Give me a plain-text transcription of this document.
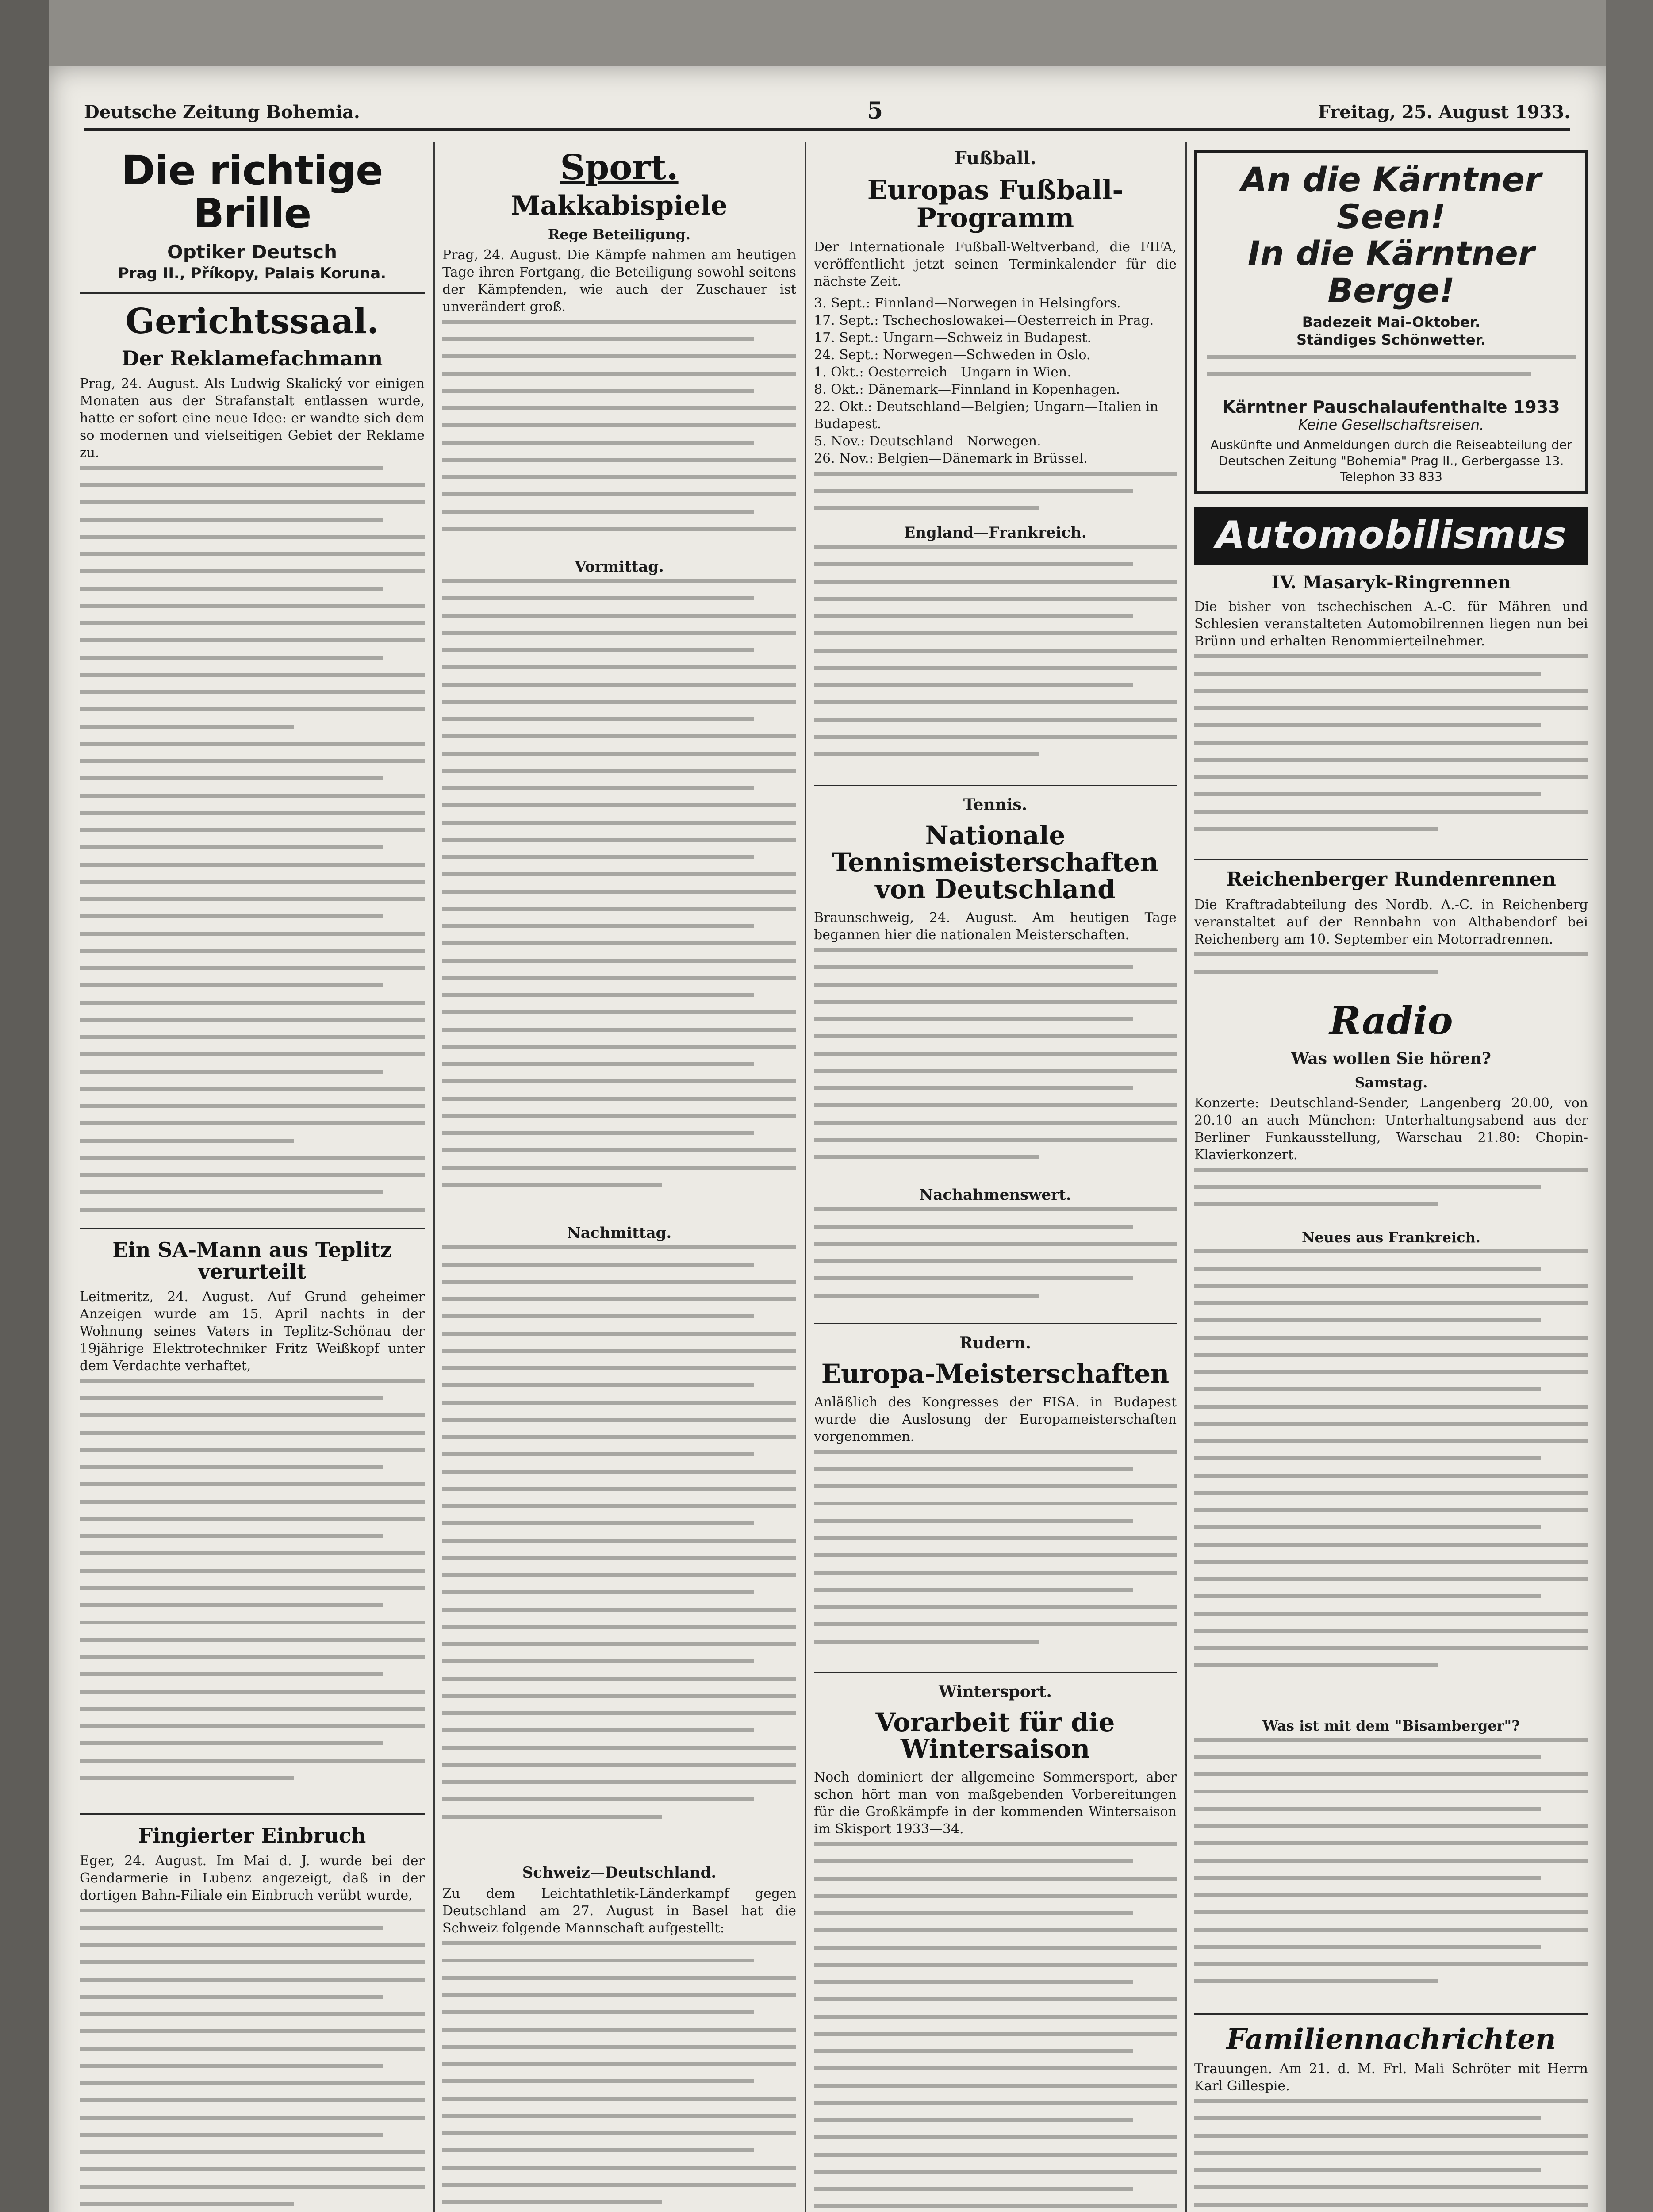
Deutsche Zeitung Bohemia.	5	Freitag, 25. August 1933.
Die richtige Brille
Optiker Deutsch
Prag II., Příkopy, Palais Koruna.
Gerichtssaal.
Der Reklamefachmann

Prag, 24. August. Als Ludwig Skalický vor einigen Monaten aus der Strafanstalt entlassen wurde, hatte er sofort eine neue Idee: er wandte sich dem so modernen und vielseitigen Gebiet der Reklame zu.

Ein SA-Mann aus Teplitz verurteilt

Leitmeritz, 24. August. Auf Grund geheimer Anzeigen wurde am 15. April nachts in der Wohnung seines Vaters in Teplitz-Schönau der 19jährige Elektrotechniker Fritz Weißkopf unter dem Verdachte verhaftet,

Fingierter Einbruch

Eger, 24. August. Im Mai d. J. wurde bei der Gendarmerie in Lubenz angezeigt, daß in der dortigen Bahn-Filiale ein Einbruch verübt wurde,

Sport.
Makkabispiele
Rege Beteiligung.

Prag, 24. August. Die Kämpfe nahmen am heutigen Tage ihren Fortgang, die Beteiligung sowohl seitens der Kämpfenden, wie auch der Zuschauer ist unverändert groß.

Vormittag.
Nachmittag.
Schweiz—Deutschland.

Zu dem Leichtathletik-Länderkampf gegen Deutschland am 27. August in Basel hat die Schweiz folgende Mannschaft aufgestellt:

Fußball.
Europas Fußball-Programm

Der Internationale Fußball-Weltverband, die FIFA, veröffentlicht jetzt seinen Terminkalender für die nächste Zeit.

3. Sept.: Finnland—Norwegen in Helsingfors.
17. Sept.: Tschechoslowakei—Oesterreich in Prag.
17. Sept.: Ungarn—Schweiz in Budapest.
24. Sept.: Norwegen—Schweden in Oslo.
1. Okt.: Oesterreich—Ungarn in Wien.
8. Okt.: Dänemark—Finnland in Kopenhagen.
22. Okt.: Deutschland—Belgien; Ungarn—Italien in Budapest.
5. Nov.: Deutschland—Norwegen.
26. Nov.: Belgien—Dänemark in Brüssel.
England—Frankreich.
Tennis.
Nationale Tennismeisterschaften von Deutschland

Braunschweig, 24. August. Am heutigen Tage begannen hier die nationalen Meisterschaften.

Nachahmenswert.
Rudern.
Europa-Meisterschaften

Anläßlich des Kongresses der FISA. in Budapest wurde die Auslosung der Europameisterschaften vorgenommen.

Wintersport.
Vorarbeit für die Wintersaison

Noch dominiert der allgemeine Sommersport, aber schon hört man von maßgebenden Vorbereitungen für die Großkämpfe in der kommenden Wintersaison im Skisport 1933—34.

An die Kärntner Seen!
In die Kärntner Berge!
Badezeit Mai–Oktober.
Ständiges Schönwetter.
Kärntner Pauschalaufenthalte 1933
Keine Gesellschaftsreisen.
Auskünfte und Anmeldungen durch die Reiseabteilung der Deutschen Zeitung "Bohemia" Prag II., Gerbergasse 13. Telephon 33 833
Automobilismus
IV. Masaryk-Ringrennen

Die bisher von tschechischen A.-C. für Mähren und Schlesien veranstalteten Automobilrennen liegen nun bei Brünn und erhalten Renommierteilnehmer.

Reichenberger Rundenrennen

Die Kraftradabteilung des Nordb. A.-C. in Reichenberg veranstaltet auf der Rennbahn von Althabendorf bei Reichenberg am 10. September ein Motorradrennen.

Radio
Was wollen Sie hören?
Samstag.

Konzerte: Deutschland-Sender, Langenberg 20.00, von 20.10 an auch München: Unterhaltungsabend aus der Berliner Funkausstellung, Warschau 21.80: Chopin-Klavierkonzert.

Neues aus Frankreich.
Was ist mit dem "Bisamberger"?
Familiennachrichten

Trauungen. Am 21. d. M. Frl. Mali Schröter mit Herrn Karl Gillespie.
